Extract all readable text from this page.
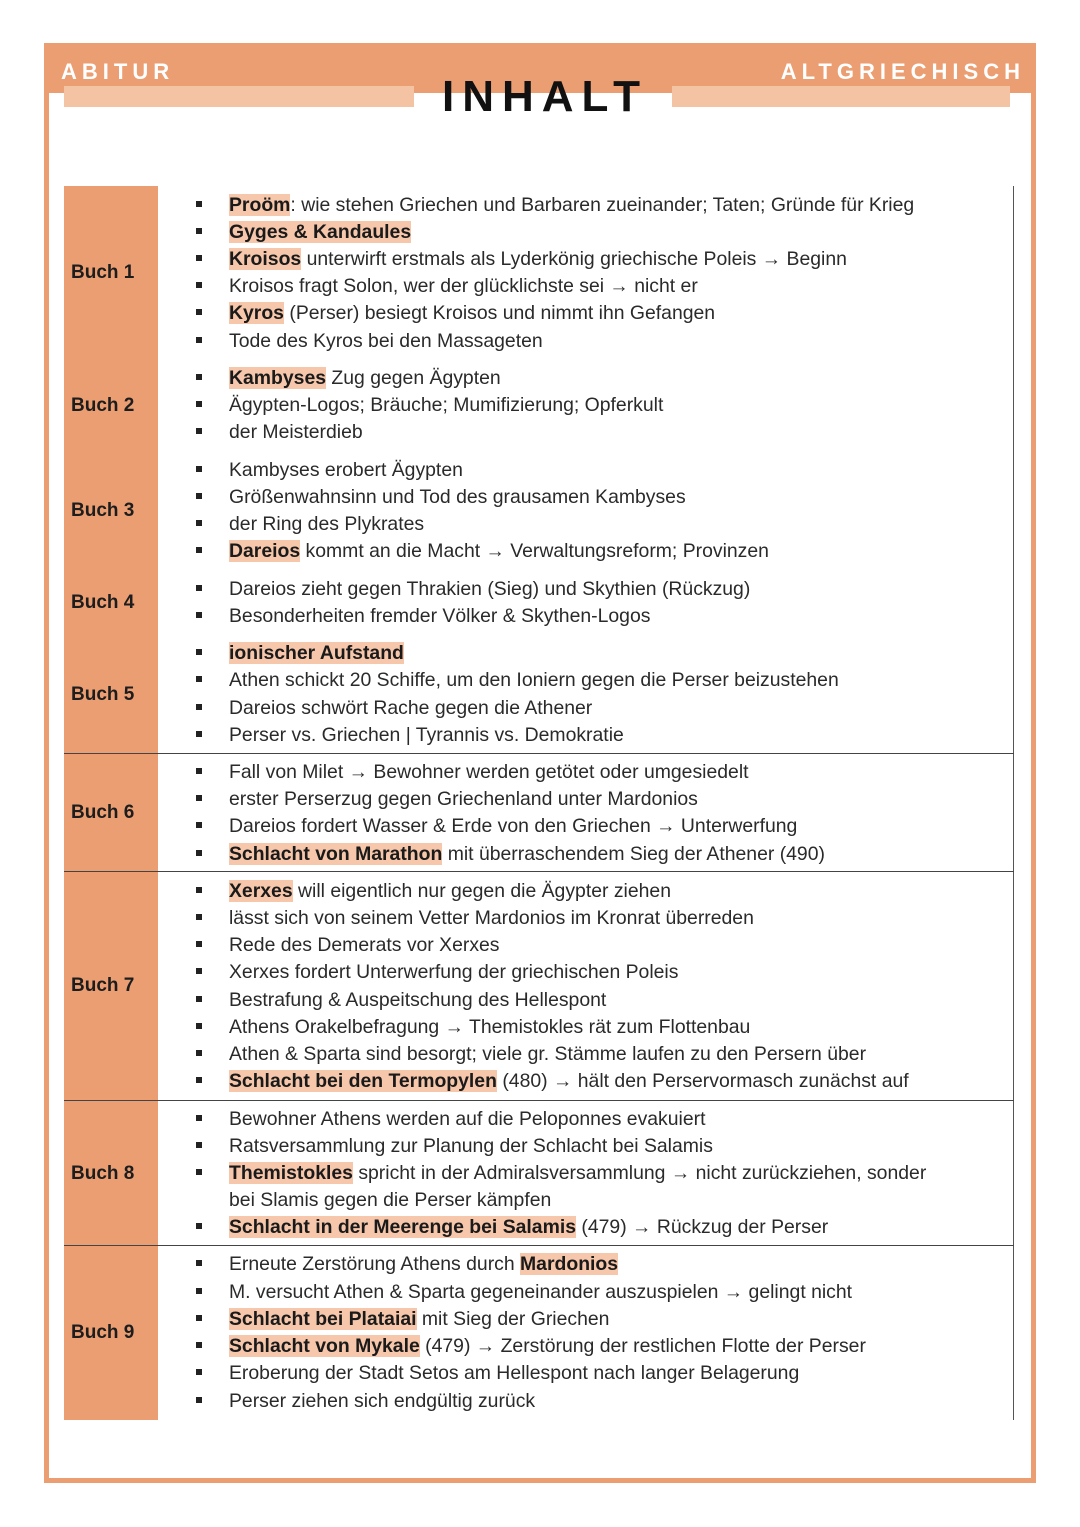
ABITUR	ALTGRIECHISCH
INHALT
Buch 1
Proöm: wie stehen Griechen und Barbaren zueinander; Taten; Gründe für Krieg
Gyges & Kandaules
Kroisos unterwirft erstmals als Lyderkönig griechische Poleis → Beginn
Kroisos fragt Solon, wer der glücklichste sei → nicht er
Kyros (Perser) besiegt Kroisos und nimmt ihn Gefangen
Tode des Kyros bei den Massageten
Buch 2
Kambyses Zug gegen Ägypten
Ägypten-Logos; Bräuche; Mumifizierung; Opferkult
der Meisterdieb
Buch 3
Kambyses erobert Ägypten
Größenwahnsinn und Tod des grausamen Kambyses
der Ring des Plykrates
Dareios kommt an die Macht → Verwaltungsreform; Provinzen
Buch 4
Dareios zieht gegen Thrakien (Sieg) und Skythien (Rückzug)
Besonderheiten fremder Völker & Skythen-Logos
Buch 5
ionischer Aufstand
Athen schickt 20 Schiffe, um den Ioniern gegen die Perser beizustehen
Dareios schwört Rache gegen die Athener
Perser vs. Griechen | Tyrannis vs. Demokratie
Buch 6
Fall von Milet → Bewohner werden getötet oder umgesiedelt
erster Perserzug gegen Griechenland unter Mardonios
Dareios fordert Wasser & Erde von den Griechen → Unterwerfung
Schlacht von Marathon mit überraschendem Sieg der Athener (490)
Buch 7
Xerxes will eigentlich nur gegen die Ägypter ziehen
lässt sich von seinem Vetter Mardonios im Kronrat überreden
Rede des Demerats vor Xerxes
Xerxes fordert Unterwerfung der griechischen Poleis
Bestrafung & Auspeitschung des Hellespont
Athens Orakelbefragung → Themistokles rät zum Flottenbau
Athen & Sparta sind besorgt; viele gr. Stämme laufen zu den Persern über
Schlacht bei den Termopylen (480) → hält den Perservormasch zunächst auf
Buch 8
Bewohner Athens werden auf die Peloponnes evakuiert
Ratsversammlung zur Planung der Schlacht bei Salamis
Themistokles spricht in der Admiralsversammlung → nicht zurückziehen, sonder
bei Slamis gegen die Perser kämpfen
Schlacht in der Meerenge bei Salamis (479) → Rückzug der Perser
Buch 9
Erneute Zerstörung Athens durch Mardonios
M. versucht Athen & Sparta gegeneinander auszuspielen → gelingt nicht
Schlacht bei Plataiai mit Sieg der Griechen
Schlacht von Mykale (479) → Zerstörung der restlichen Flotte der Perser
Eroberung der Stadt Setos am Hellespont nach langer Belagerung
Perser ziehen sich endgültig zurück
